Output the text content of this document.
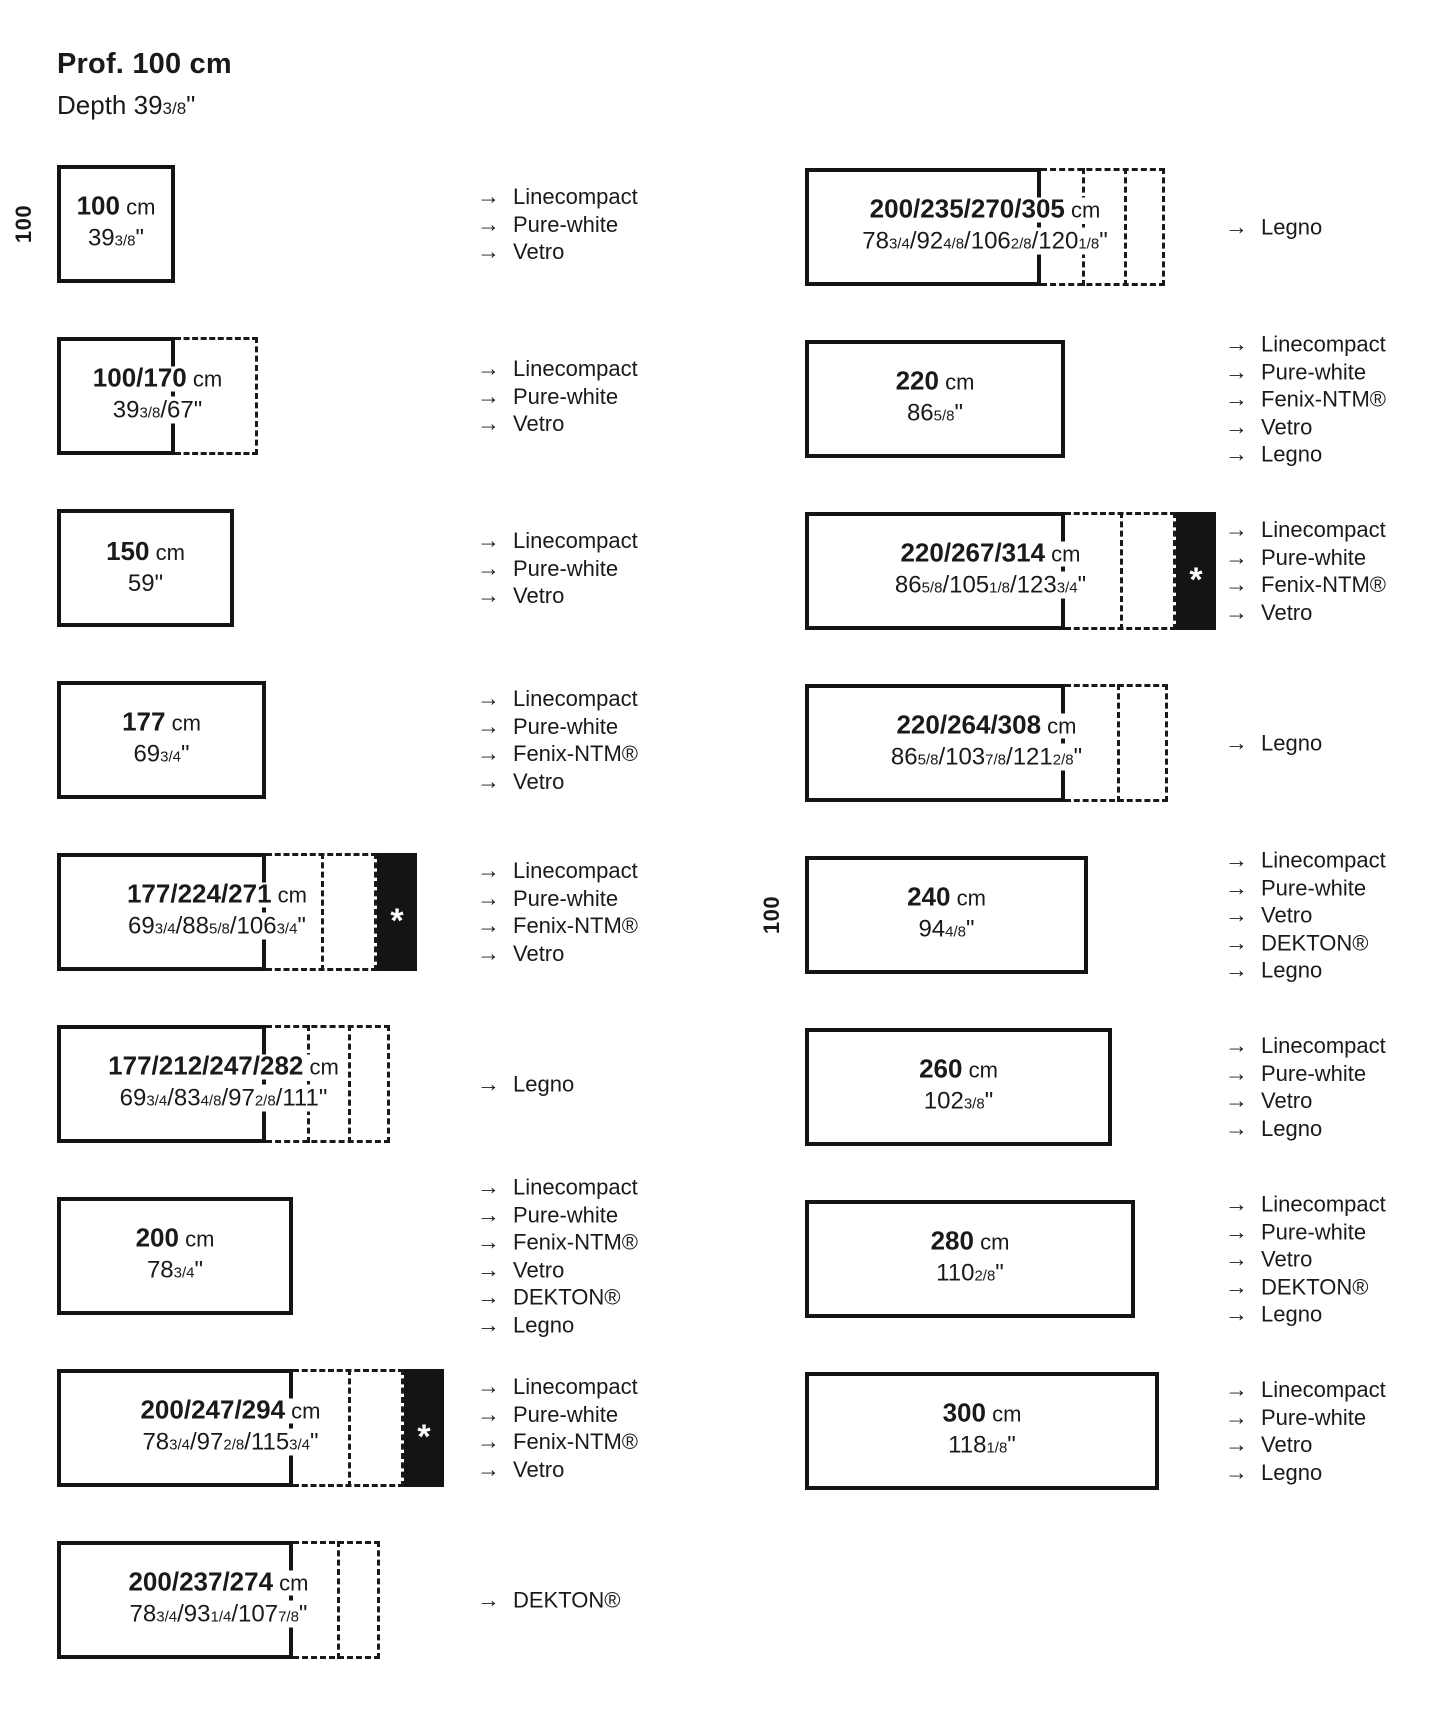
Prof. 100 cm
Depth 393/8"
100	100 cm
393/8"
→ Linecompact
→ Pure-white
→ Vetro
100/170 cm
393/8/67"
→ Linecompact
→ Pure-white
→ Vetro
150 cm
59"
→ Linecompact
→ Pure-white
→ Vetro
177 cm
693/4"
→ Linecompact
→ Pure-white
→ Fenix-NTM®
→ Vetro
*
177/224/271 cm
693/4/885/8/1063/4"
→ Linecompact
→ Pure-white
→ Fenix-NTM®
→ Vetro
177/212/247/282 cm
693/4/834/8/972/8/111"
→ Legno
200 cm
783/4"
→ Linecompact
→ Pure-white
→ Fenix-NTM®
→ Vetro
→ DEKTON®
→ Legno
*
200/247/294 cm
783/4/972/8/1153/4"
→ Linecompact
→ Pure-white
→ Fenix-NTM®
→ Vetro
200/237/274 cm
783/4/931/4/1077/8"
→ DEKTON®
200/235/270/305 cm
783/4/924/8/1062/8/1201/8"
→ Legno
220 cm
865/8"
→ Linecompact
→ Pure-white
→ Fenix-NTM®
→ Vetro
→ Legno
*
220/267/314 cm
865/8/1051/8/1233/4"
→ Linecompact
→ Pure-white
→ Fenix-NTM®
→ Vetro
220/264/308 cm
865/8/1037/8/1212/8"
→ Legno
100	240 cm
944/8"
→ Linecompact
→ Pure-white
→ Vetro
→ DEKTON®
→ Legno
260 cm
1023/8"
→ Linecompact
→ Pure-white
→ Vetro
→ Legno
280 cm
1102/8"
→ Linecompact
→ Pure-white
→ Vetro
→ DEKTON®
→ Legno
300 cm
1181/8"
→ Linecompact
→ Pure-white
→ Vetro
→ Legno
